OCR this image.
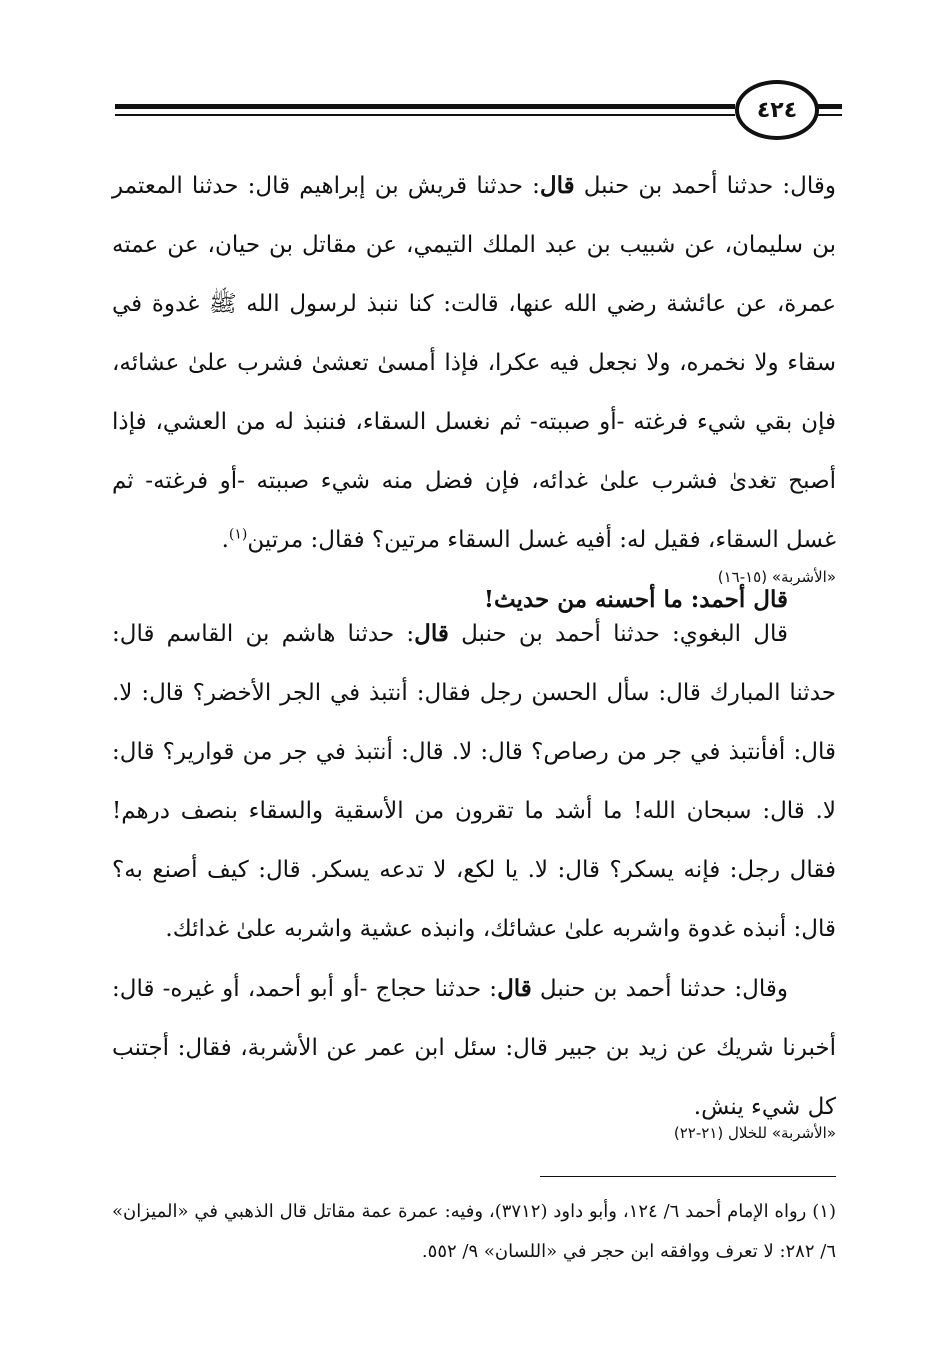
٤٢٤
وقال: حدثنا أحمد بن حنبل قال: حدثنا قريش بن إبراهيم قال: حدثنا المعتمر بن سليمان، عن شبيب بن عبد الملك التيمي، عن مقاتل بن حيان، عن عمته عمرة، عن عائشة رضي الله عنها، قالت: كنا ننبذ لرسول الله ﷺ غدوة في سقاء ولا نخمره، ولا نجعل فيه عكرا، فإذا أمسىٰ تعشىٰ فشرب علىٰ عشائه، فإن بقي شيء فرغته -أو صببته- ثم نغسل السقاء، فننبذ له من العشي، فإذا أصبح تغدىٰ فشرب علىٰ غدائه، فإن فضل منه شيء صببته -أو فرغته- ثم غسل السقاء، فقيل له: أفيه غسل السقاء مرتين؟ فقال: مرتين$^{(١)}$.
قال أحمد: ما أحسنه من حديث!
«الأشربة» (١٥-١٦)
قال البغوي: حدثنا أحمد بن حنبل قال: حدثنا هاشم بن القاسم قال: حدثنا المبارك قال: سأل الحسن رجل فقال: أنتبذ في الجر الأخضر؟ قال: لا. قال: أفأنتبذ في جر من رصاص؟ قال: لا. قال: أنتبذ في جر من قوارير؟ قال: لا. قال: سبحان الله! ما أشد ما تقرون من الأسقية والسقاء بنصف درهم! فقال رجل: فإنه يسكر؟ قال: لا. يا لكع، لا تدعه يسكر. قال: كيف أصنع به؟ قال: أنبذه غدوة واشربه علىٰ عشائك، وانبذه عشية واشربه علىٰ غدائك.
وقال: حدثنا أحمد بن حنبل قال: حدثنا حجاج -أو أبو أحمد، أو غيره- قال: أخبرنا شريك عن زيد بن جبير قال: سئل ابن عمر عن الأشربة، فقال: أجتنب كل شيء ينش.
«الأشربة» للخلال (٢١-٢٢)
(١) رواه الإمام أحمد ٦/ ١٢٤، وأبو داود (٣٧١٢)، وفيه: عمرة عمة مقاتل قال الذهبي في «الميزان» ٦/ ٢٨٢: لا تعرف ووافقه ابن حجر في «اللسان» ٩/ ٥٥٢.
